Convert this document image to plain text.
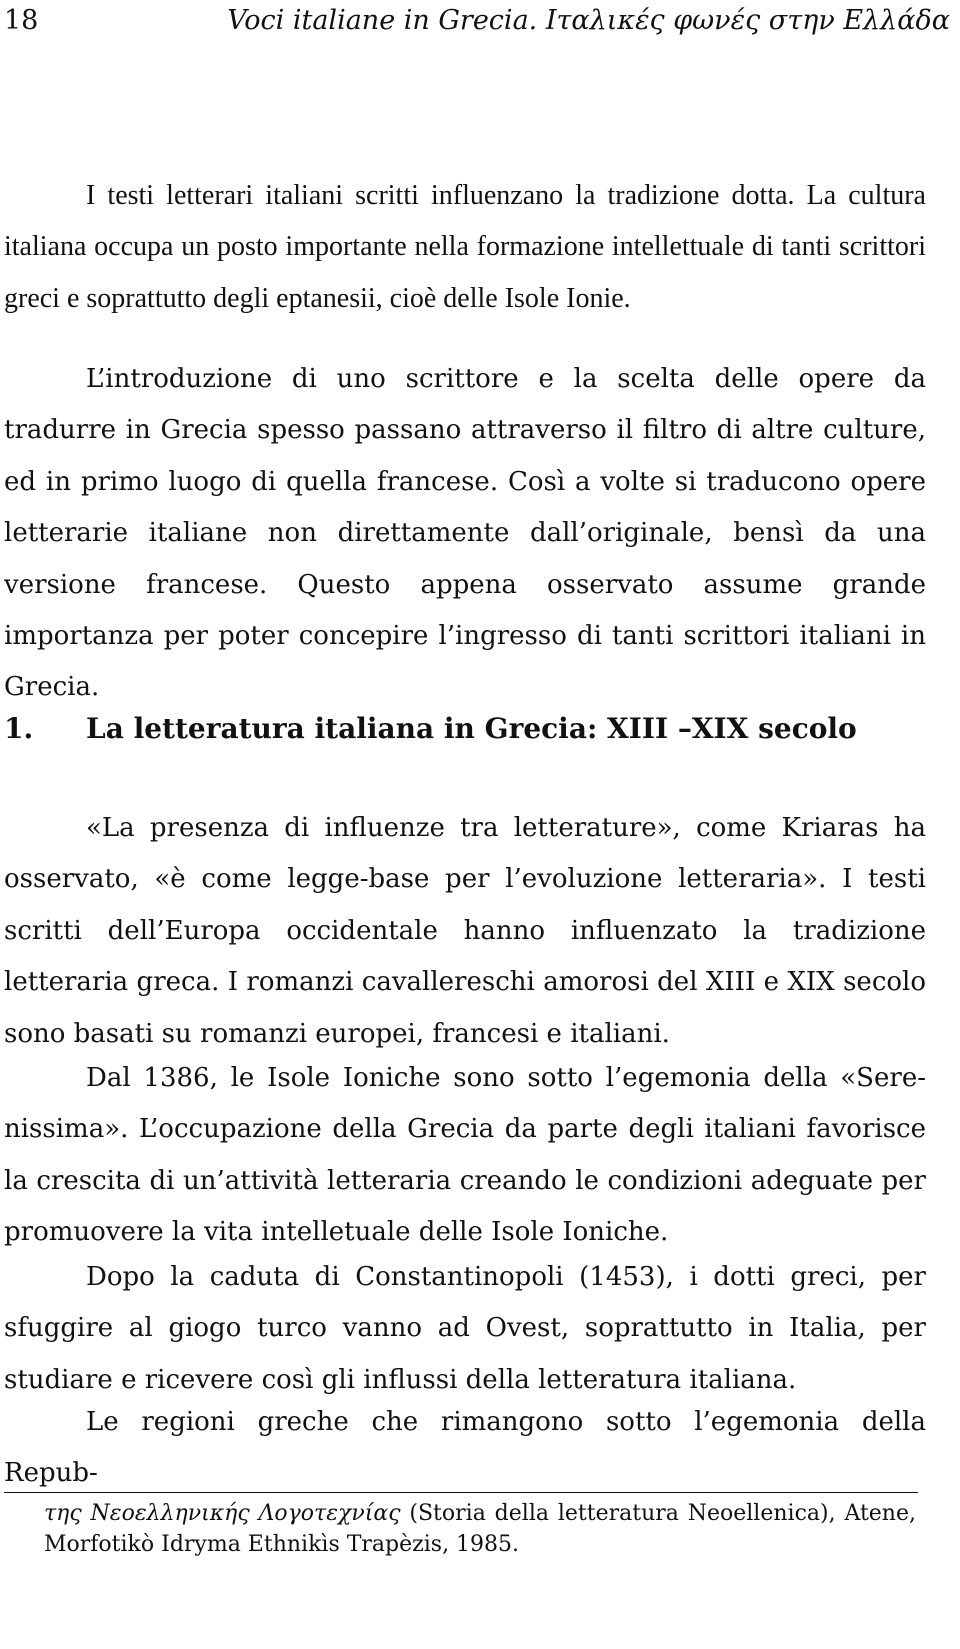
18	Voci italiane in Grecia. Ιταλικές φωνές στην Ελλάδα

I testi letterari italiani scritti influenzano la tradizione dotta. La cultura italiana occupa un posto importante nella formazione intellettuale di tanti scrittori greci e soprattutto degli eptanesii, cioè delle Isole Ionie.

L’introduzione di uno scrittore e la scelta delle opere da tradurre in Grecia spesso passano attraverso il filtro di altre culture, ed in primo luogo di quella francese. Così a volte si traducono opere letterarie italiane non direttamente dall’originale, bensì da una versione francese. Questo appena osservato assume grande importanza per poter concepire l’ingresso di tanti scrittori italiani in Grecia.

1. La letteratura italiana in Grecia: XIII –XIX secolo

«La presenza di influenze tra letterature», come Kriaras ha osservato, «è come legge-base per l’evoluzione letteraria». I testi scritti dell’Europa occidentale hanno influenzato la tradizione letteraria greca. I romanzi cavallereschi amorosi del XIII e XIX secolo sono basati su romanzi europei, francesi e italiani.

Dal 1386, le Isole Ioniche sono sotto l’egemonia della «Serenissima». L’occupazione della Grecia da parte degli italiani favorisce la crescita di un’attività letteraria creando le condizioni adeguate per promuovere la vita intelletuale delle Isole Ioniche.

Dopo la caduta di Constantinopoli (1453), i dotti greci, per sfuggire al giogo turco vanno ad Ovest, soprattutto in Italia, per studiare e ricevere così gli influssi della letteratura italiana.

Le regioni greche che rimangono sotto l’egemonia della Repub-

της Νεοελληνικής Λογοτεχνίας (Storia della letteratura Neoellenica), Atene, Morfotikò Idryma Ethnikìs Trapèzis, 1985.
